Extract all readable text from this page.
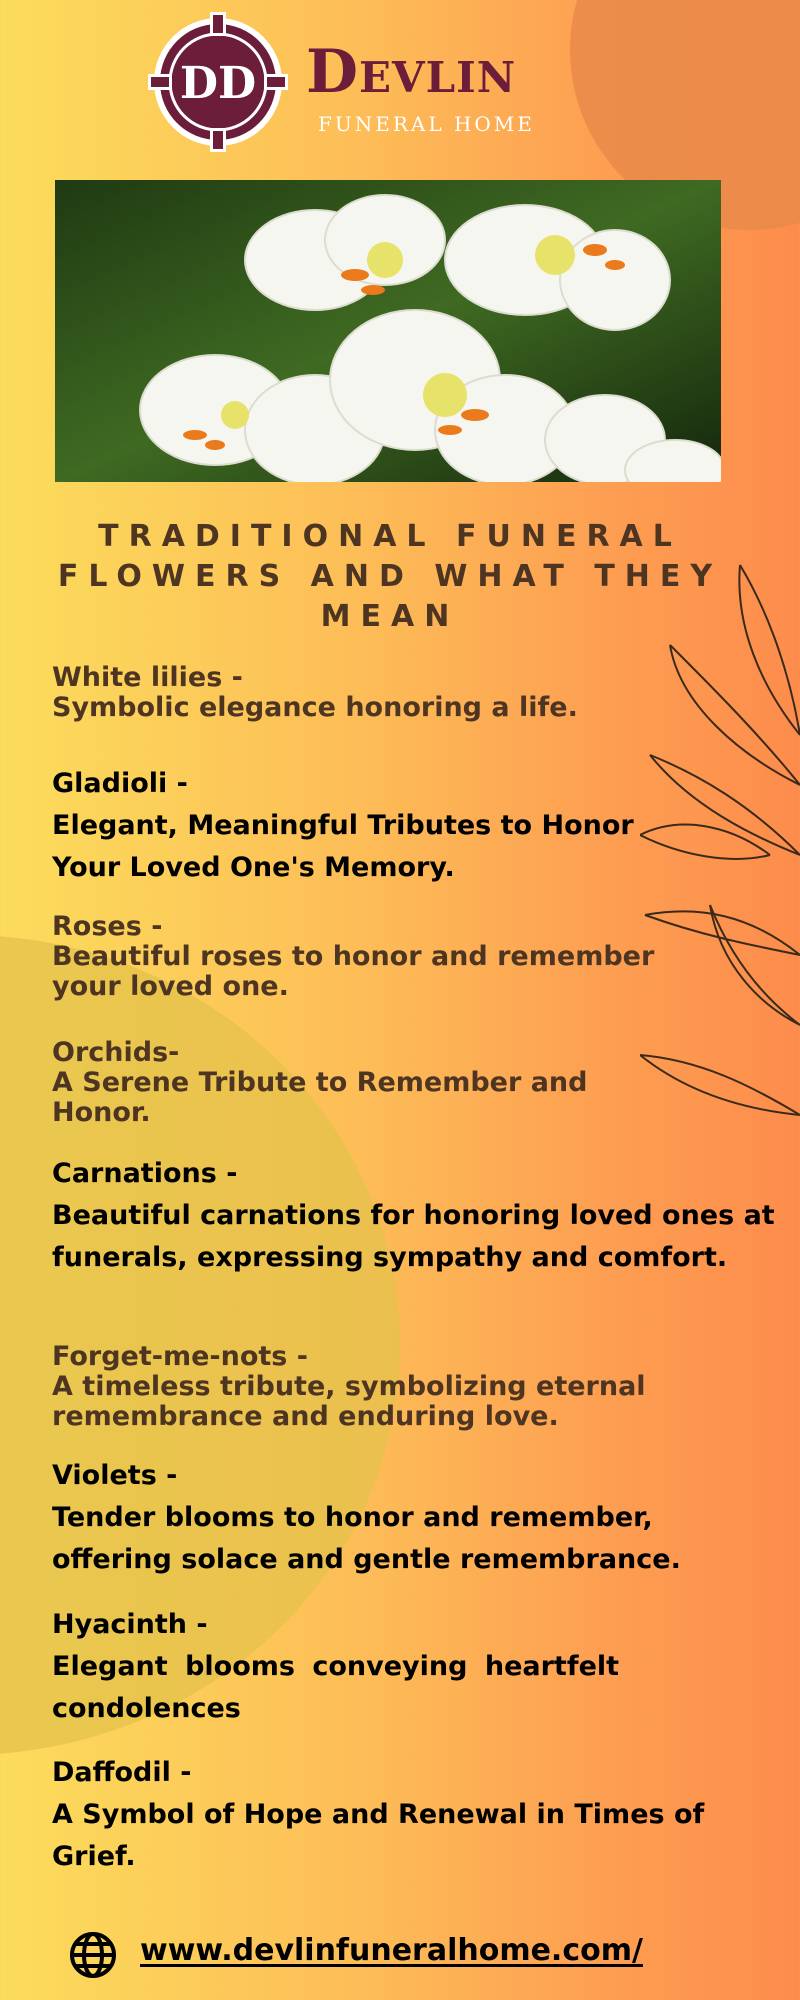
DD Devlin
FUNERAL HOME
TRADITIONAL FUNERAL FLOWERS AND WHAT THEY MEAN
White lilies -
Symbolic elegance honoring a life.
Gladioli -
Elegant, Meaningful Tributes to Honor Your Loved One's Memory.
Roses -
Beautiful roses to honor and remember your loved one.
Orchids-
A Serene Tribute to Remember and Honor.
Carnations -
Beautiful carnations for honoring loved ones at funerals, expressing sympathy and comfort.
Forget-me-nots -
A timeless tribute, symbolizing eternal remembrance and enduring love.
Violets -
Tender blooms to honor and remember, offering solace and gentle remembrance.
Hyacinth -
Elegant blooms conveying heartfelt condolences
Daffodil -
A Symbol of Hope and Renewal in Times of Grief.
www.devlinfuneralhome.com/
